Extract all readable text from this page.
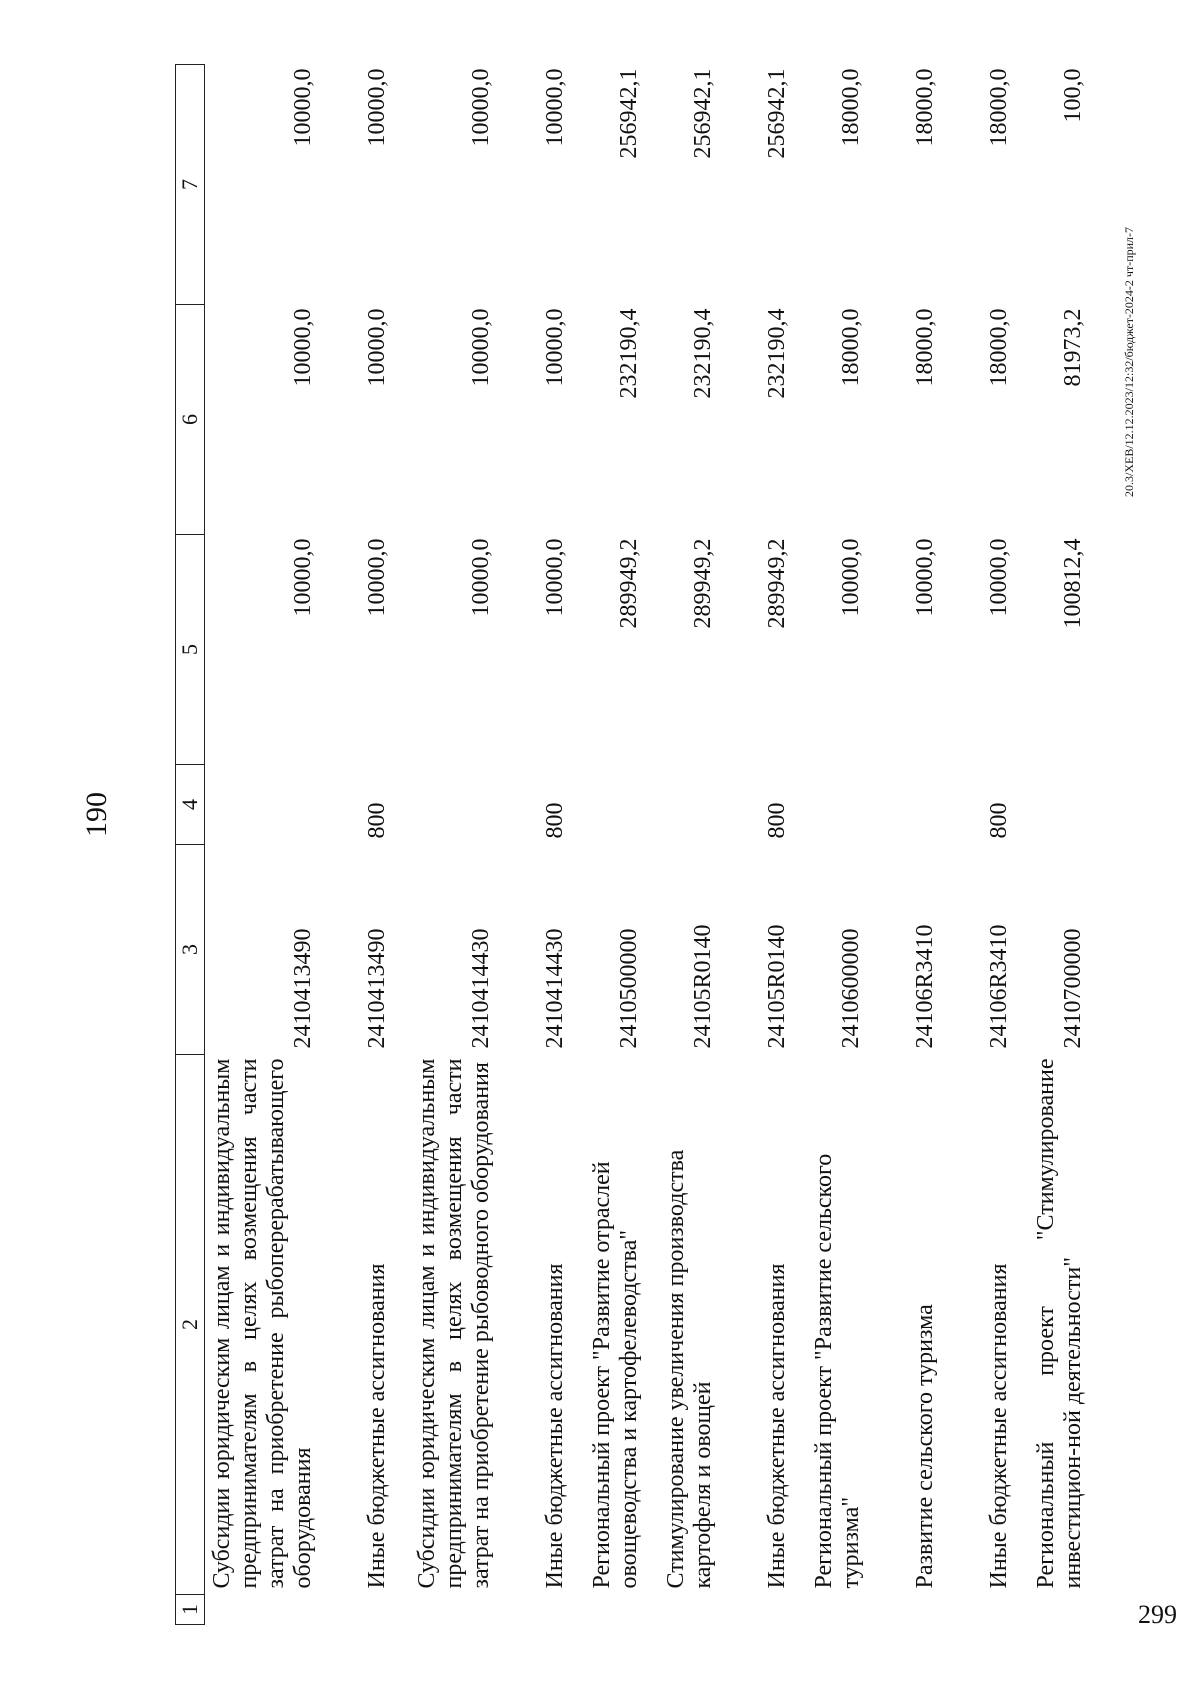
190
1	2	3	4	5	6	7
	Субсидии юридическим лицам и индивидуальным предпринимателям в целях возмещения части затрат на приобретение рыбоперерабатывающего оборудования	2410413490		10000,0	10000,0	10000,0
	Иные бюджетные ассигнования	2410413490	800	10000,0	10000,0	10000,0
	Субсидии юридическим лицам и индивидуальным предпринимателям в целях возмещения части затрат на приобретение рыбоводного оборудования	2410414430		10000,0	10000,0	10000,0
	Иные бюджетные ассигнования	2410414430	800	10000,0	10000,0	10000,0
	Региональный проект "Развитие отраслей овощеводства и картофелеводства"	2410500000		289949,2	232190,4	256942,1
	Стимулирование увеличения производства картофеля и овощей	24105R0140		289949,2	232190,4	256942,1
	Иные бюджетные ассигнования	24105R0140	800	289949,2	232190,4	256942,1
	Региональный проект "Развитие сельского туризма"	2410600000		10000,0	18000,0	18000,0
	Развитие сельского туризма	24106R3410		10000,0	18000,0	18000,0
	Иные бюджетные ассигнования	24106R3410	800	10000,0	18000,0	18000,0
	Региональный проект "Стимулирование инвестицион-ной деятельности"	2410700000		100812,4	81973,2	100,0
20.3/ХЕВ/12.12.2023/12:32/бюджет-2024-2 чт-прил-7
299
